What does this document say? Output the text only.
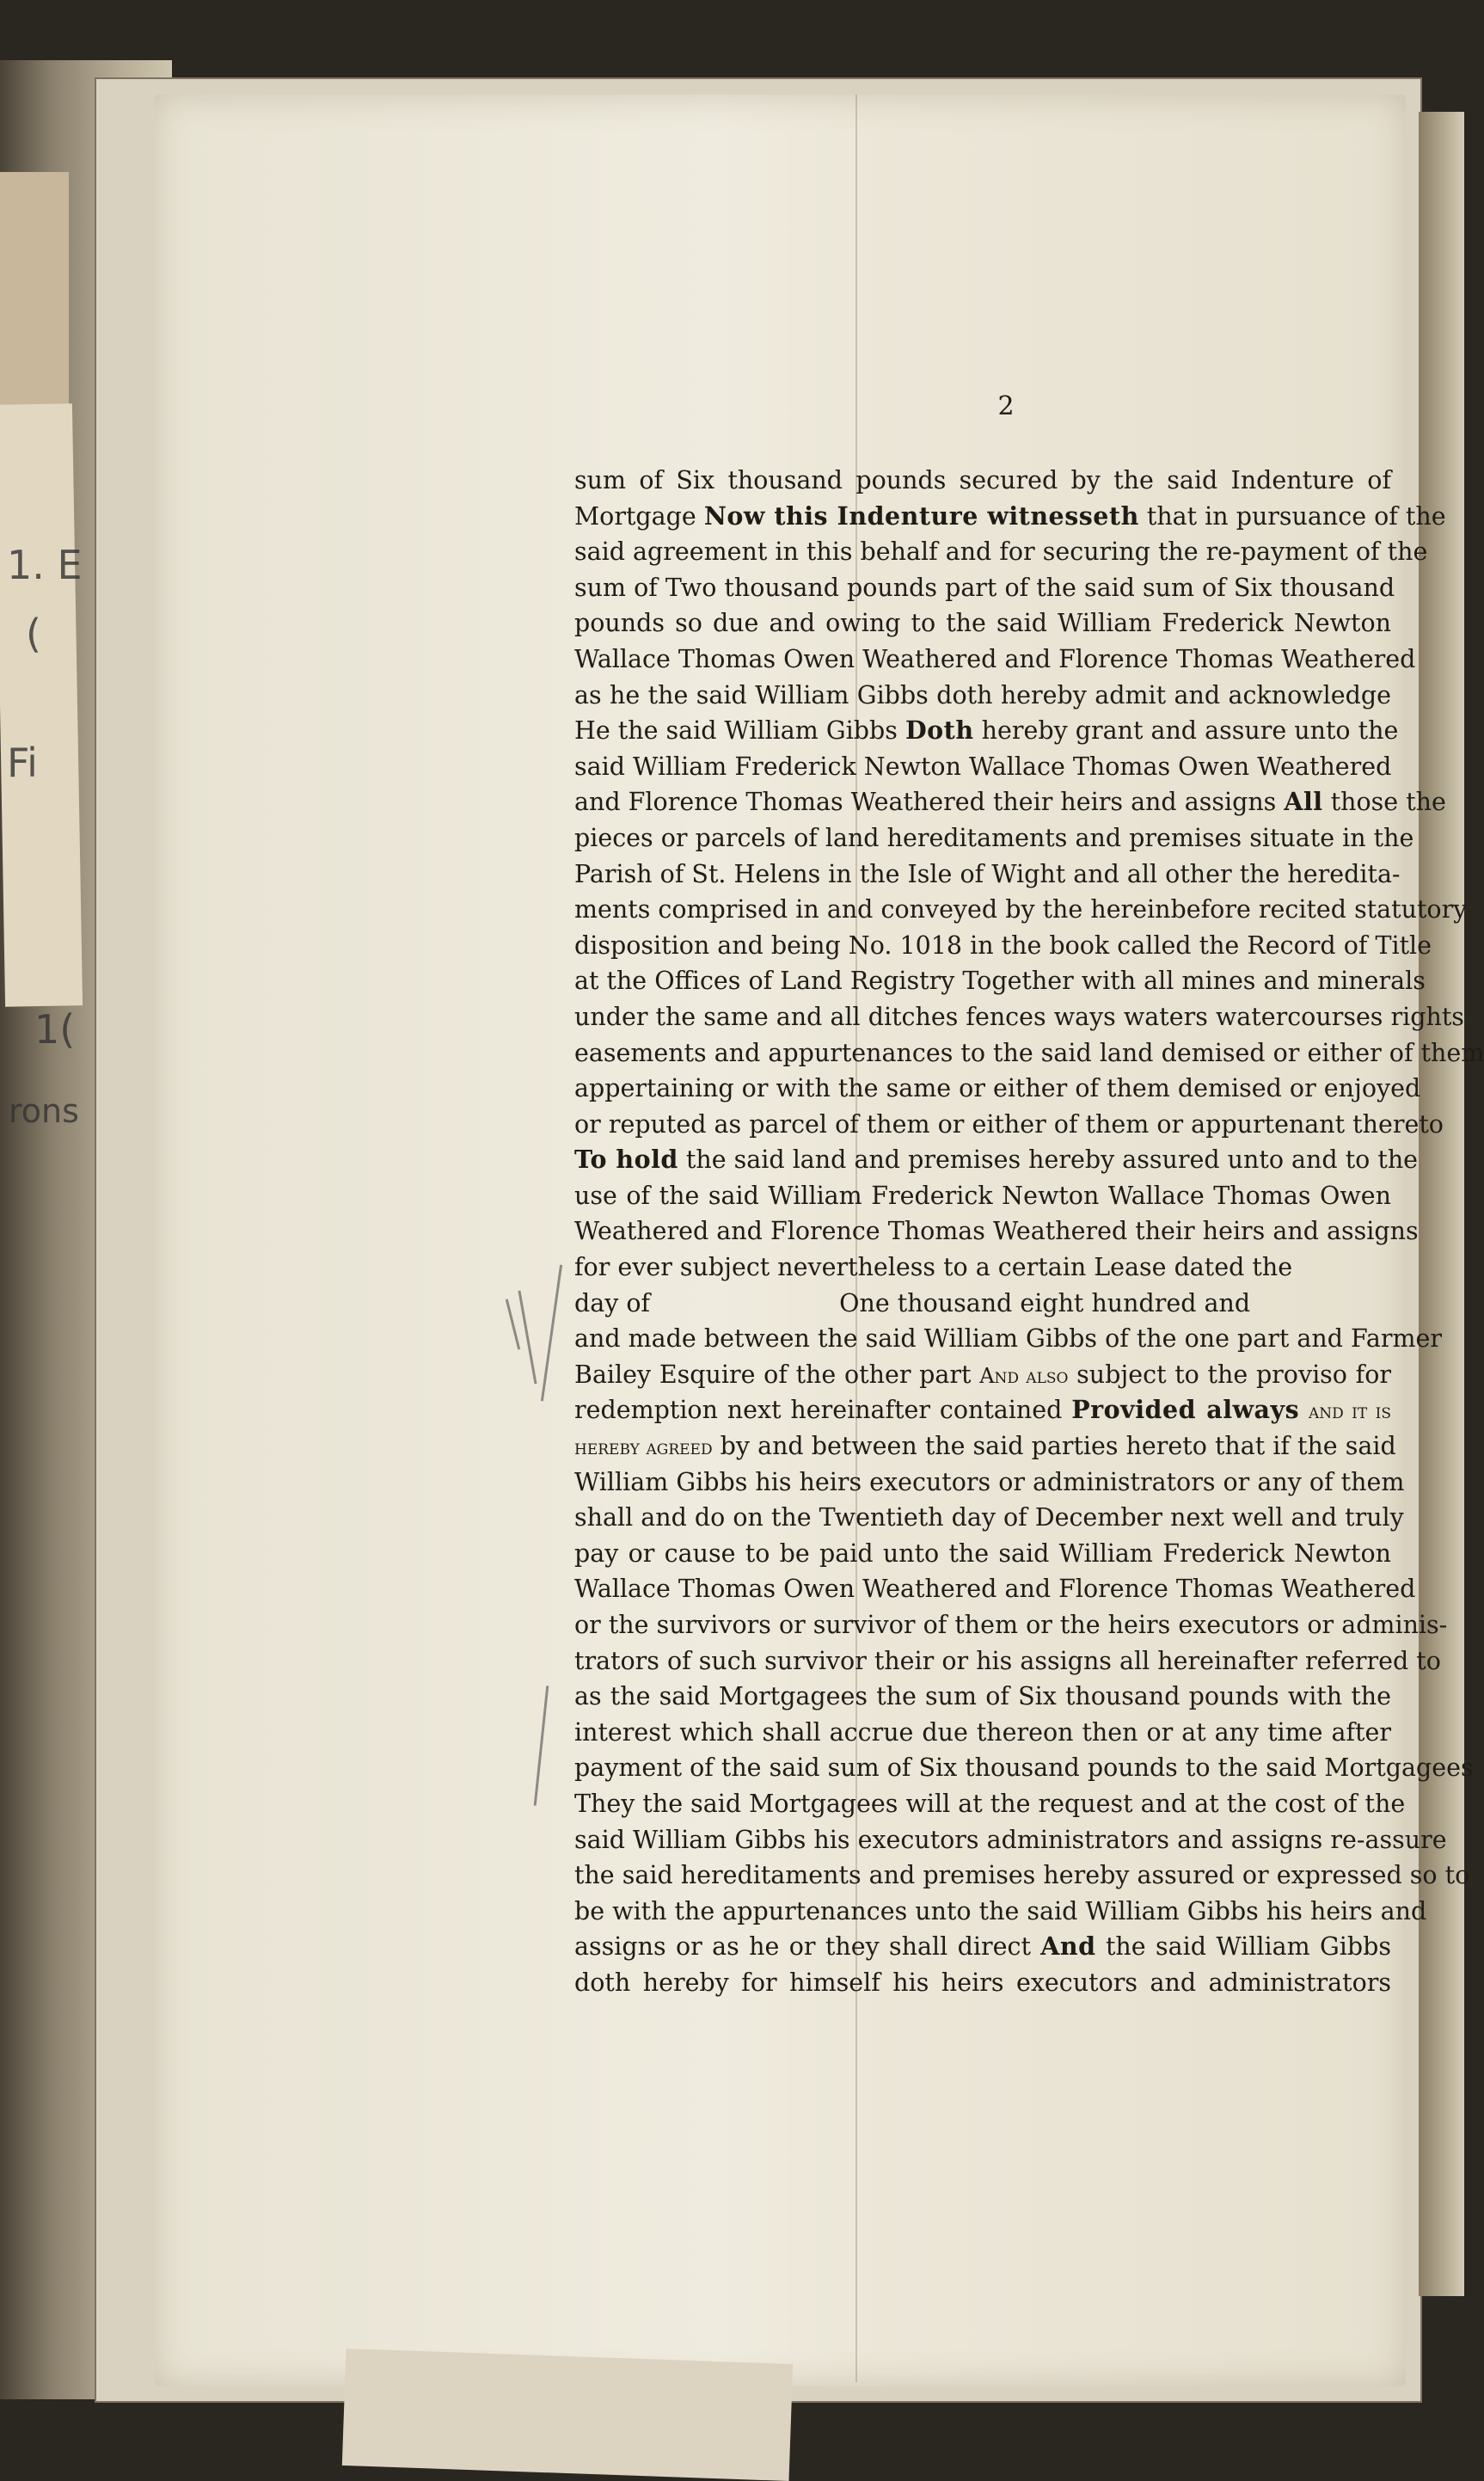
1. E
(
Fi
1(
rons
2
sum of Six thousand pounds secured by the said Indenture of
Mortgage Now this Indenture witnesseth that in pursuance of the
said agreement in this behalf and for securing the re-payment of the
sum of Two thousand pounds part of the said sum of Six thousand
pounds so due and owing to the said William Frederick Newton
Wallace Thomas Owen Weathered and Florence Thomas Weathered
as he the said William Gibbs doth hereby admit and acknowledge
He the said William Gibbs Doth hereby grant and assure unto the
said William Frederick Newton Wallace Thomas Owen Weathered
and Florence Thomas Weathered their heirs and assigns All those the
pieces or parcels of land hereditaments and premises situate in the
Parish of St. Helens in the Isle of Wight and all other the heredita-
ments comprised in and conveyed by the hereinbefore recited statutory
disposition and being No. 1018 in the book called the Record of Title
at the Offices of Land Registry Together with all mines and minerals
under the same and all ditches fences ways waters watercourses rights
easements and appurtenances to the said land demised or either of them
appertaining or with the same or either of them demised or enjoyed
or reputed as parcel of them or either of them or appurtenant thereto
To hold the said land and premises hereby assured unto and to the
use of the said William Frederick Newton Wallace Thomas Owen
Weathered and Florence Thomas Weathered their heirs and assigns
for ever subject nevertheless to a certain Lease dated the
day of	One thousand eight hundred and
and made between the said William Gibbs of the one part and Farmer
Bailey Esquire of the other part And also subject to the proviso for
redemption next hereinafter contained Provided always and it is
hereby agreed by and between the said parties hereto that if the said
William Gibbs his heirs executors or administrators or any of them
shall and do on the Twentieth day of December next well and truly
pay or cause to be paid unto the said William Frederick Newton
Wallace Thomas Owen Weathered and Florence Thomas Weathered
or the survivors or survivor of them or the heirs executors or adminis-
trators of such survivor their or his assigns all hereinafter referred to
as the said Mortgagees the sum of Six thousand pounds with the
interest which shall accrue due thereon then or at any time after
payment of the said sum of Six thousand pounds to the said Mortgagees
They the said Mortgagees will at the request and at the cost of the
said William Gibbs his executors administrators and assigns re-assure
the said hereditaments and premises hereby assured or expressed so to
be with the appurtenances unto the said William Gibbs his heirs and
assigns or as he or they shall direct And the said William Gibbs
doth hereby for himself his heirs executors and administrators
